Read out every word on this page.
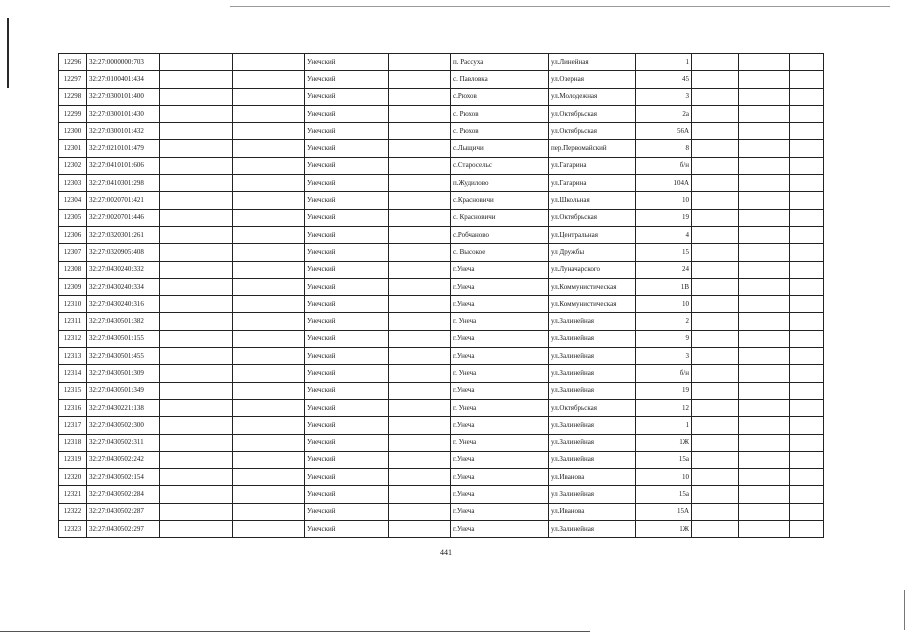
12296	32:27:0000000:703			Унечский		п. Рассуха	ул.Линейная	1			
12297	32:27:0100401:434			Унечский		с. Павловка	ул.Озерная	45			
12298	32:27:0300101:400			Унечский		с.Рюхов	ул.Молодежная	3			
12299	32:27:0300101:430			Унечский		с. Рюхов	ул.Октябрьская	2а			
12300	32:27:0300101:432			Унечский		с. Рюхов	ул.Октябрьская	56А			
12301	32:27:0210101:479			Унечский		с.Лыщичи	пер.Первомайский	8			
12302	32:27:0410101:606			Унечский		с.Старосельс	ул.Гагарина	б/н			
12303	32:27:0410301:298			Унечский		п.Жудилово	ул.Гагарина	104А			
12304	32:27:0020701:421			Унечский		с.Красновичи	ул.Школьная	10			
12305	32:27:0020701:446			Унечский		с. Красновичи	ул.Октябрьская	19			
12306	32:27:0320301:261			Унечский		с.Робчаново	ул.Центральная	4			
12307	32:27:0320905:408			Унечский		с. Высокое	ул Дружбы	15			
12308	32:27:0430240:332			Унечский		г.Унеча	ул.Луначарского	24			
12309	32:27:0430240:334			Унечский		г.Унеча	ул.Коммунистическая	1В			
12310	32:27:0430240:316			Унечский		г.Унеча	ул.Коммунистическая	10			
12311	32:27:0430501:382			Унечский		г. Унеча	ул.Залинейная	2			
12312	32:27:0430501:155			Унечский		г.Унеча	ул.Залинейная	9			
12313	32:27:0430501:455			Унечский		г.Унеча	ул.Залинейная	3			
12314	32:27:0430501:309			Унечский		г. Унеча	ул.Залинейная	б/н			
12315	32:27:0430501:349			Унечский		г.Унеча	ул.Залинейная	19			
12316	32:27:0430221:138			Унечский		г. Унеча	ул.Октябрьская	12			
12317	32:27:0430502:300			Унечский		г.Унеча	ул.Залинейная	1			
12318	32:27:0430502:311			Унечский		г. Унеча	ул.Залинейная	1Ж			
12319	32:27:0430502:242			Унечский		г.Унеча	ул.Залинейная	15а			
12320	32:27:0430502:154			Унечский		г.Унеча	ул.Иванова	10			
12321	32:27:0430502:284			Унечский		г.Унеча	ул Залинейная	15а			
12322	32:27:0430502:287			Унечский		г.Унеча	ул.Иванова	15А			
12323	32:27:0430502:297			Унечский		г.Унеча	ул.Залинейная	1Ж			
441
